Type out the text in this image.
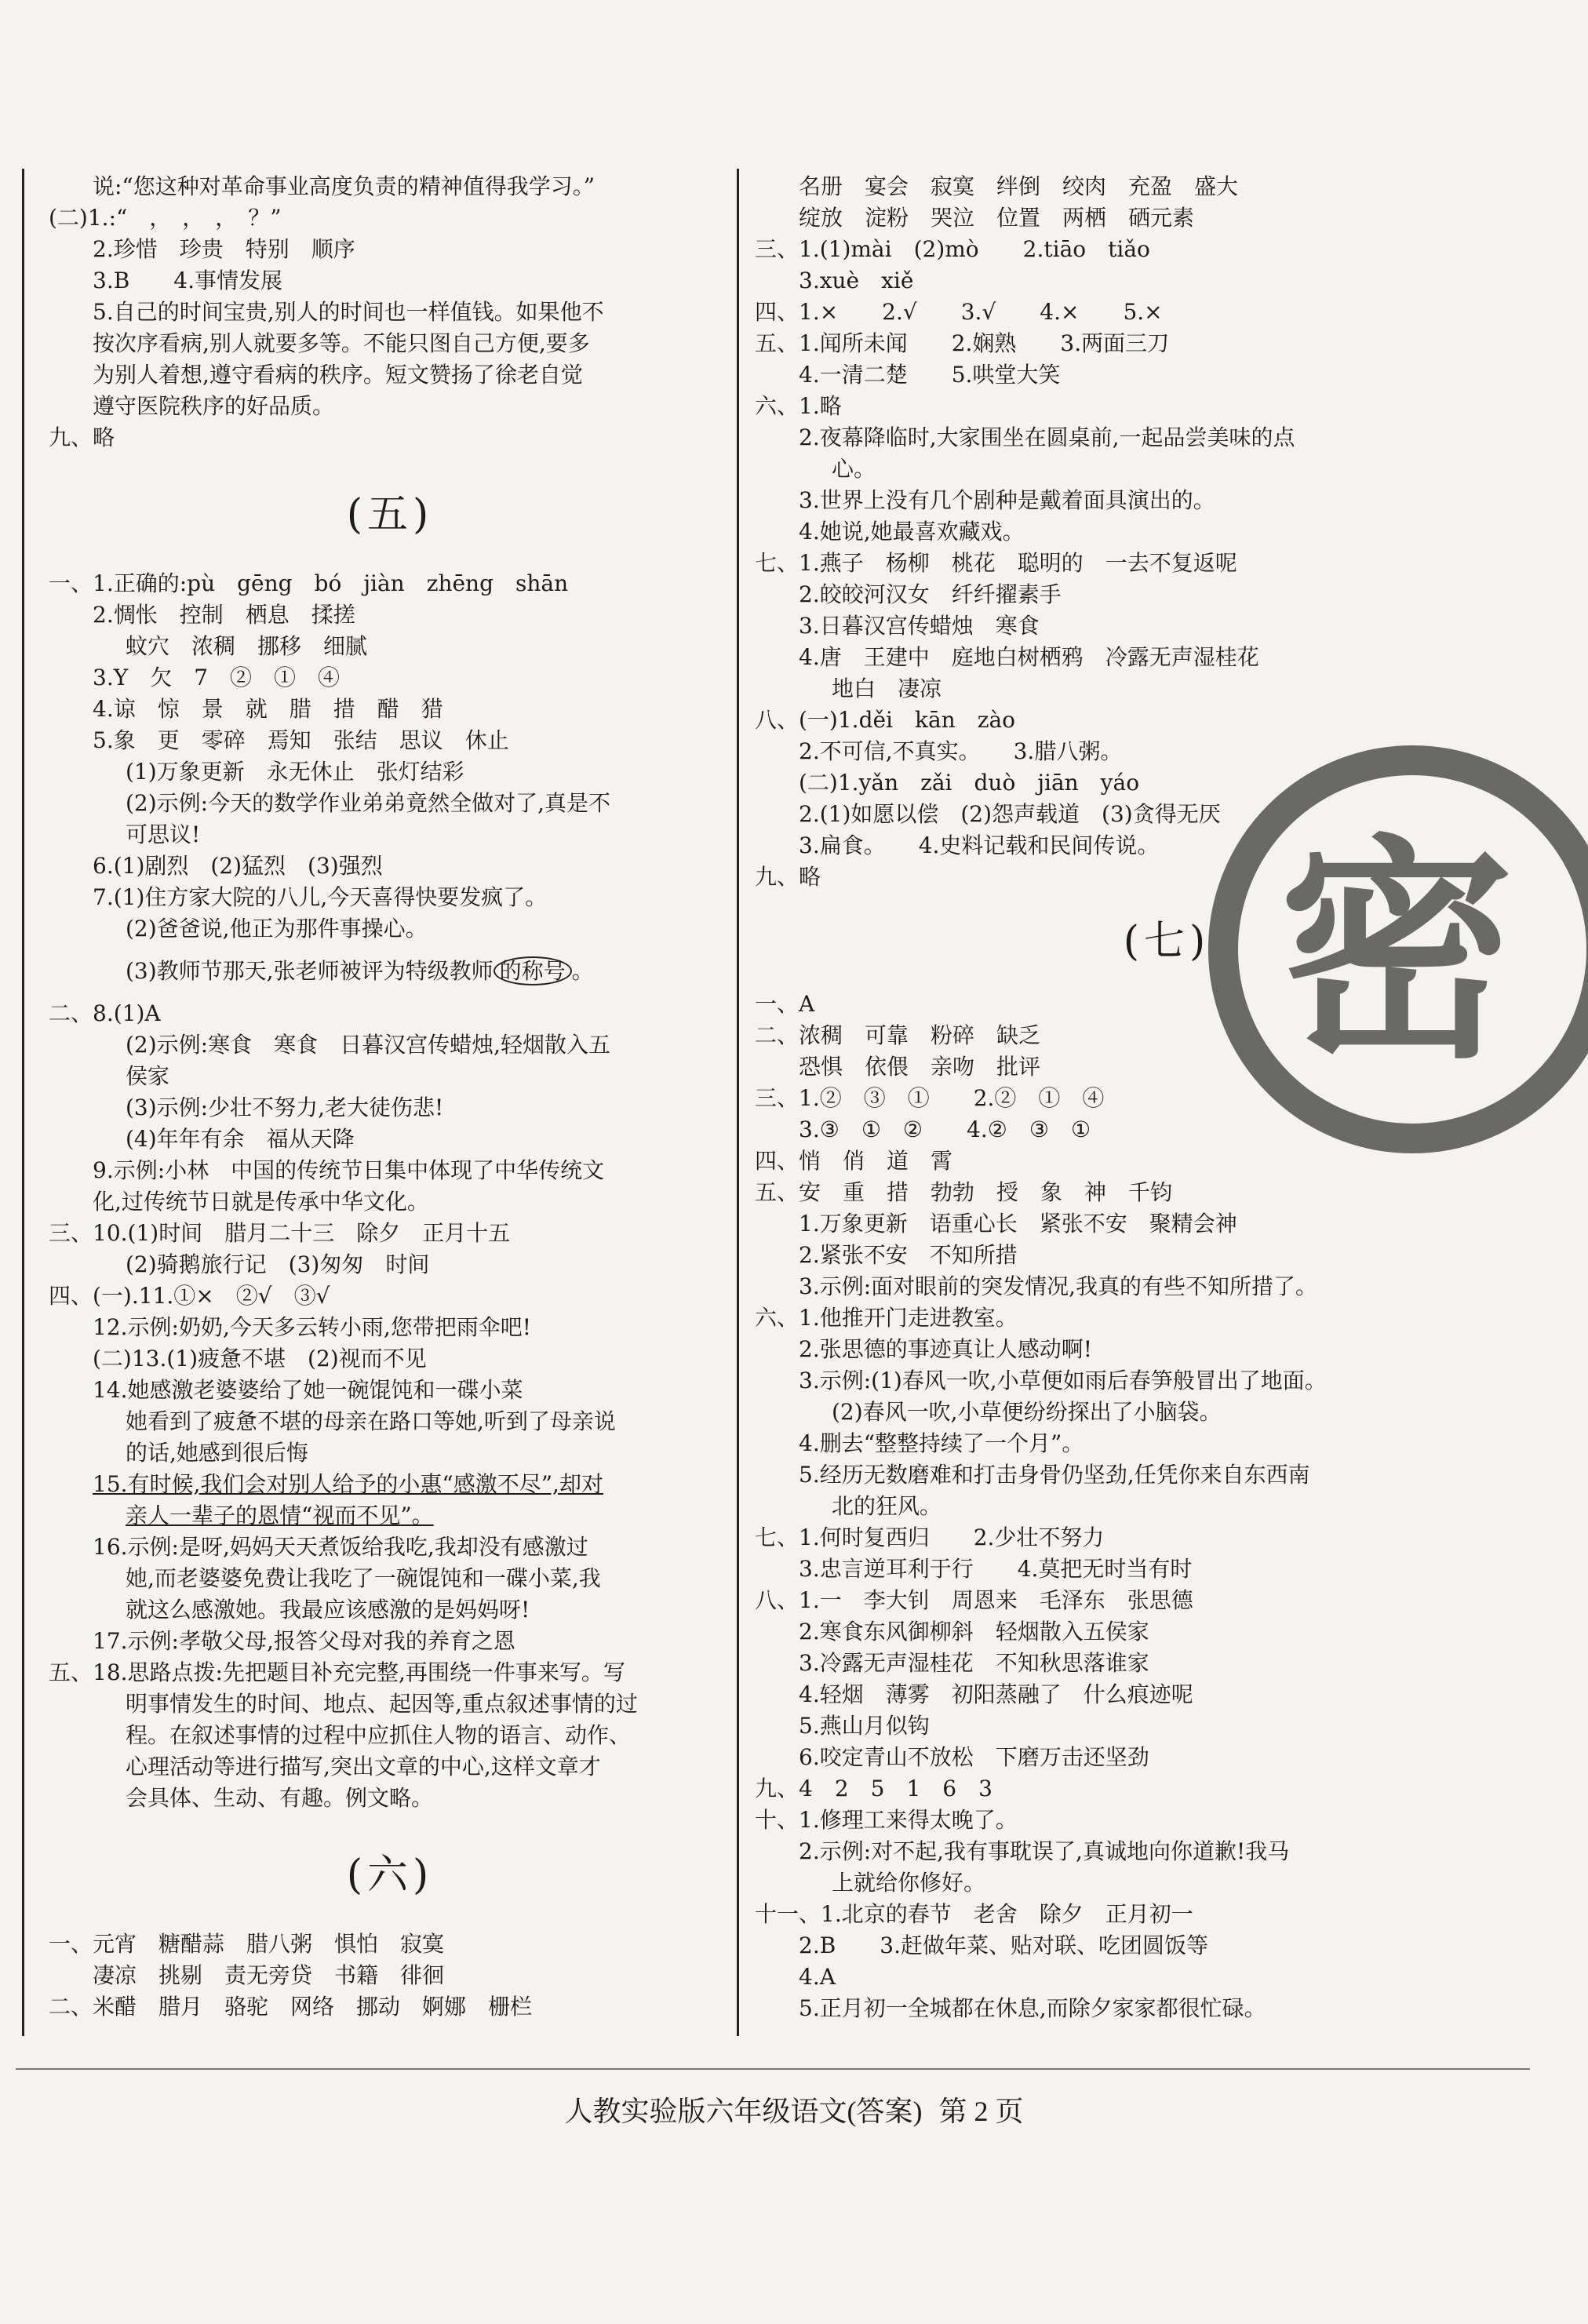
说:“您这种对革命事业高度负责的精神值得我学习。”

(二)1.:“　，　，　，　？”

2.珍惜　珍贵　特别　顺序

3.B　　4.事情发展

5.自己的时间宝贵,别人的时间也一样值钱。如果他不

按次序看病,别人就要多等。不能只图自己方便,要多

为别人着想,遵守看病的秩序。短文赞扬了徐老自觉

遵守医院秩序的好品质。

九、略

(五)

一、1.正确的:pù　gēng　bó　jiàn　zhēng　shān

2.惆怅　控制　栖息　揉搓

蚊穴　浓稠　挪移　细腻

3.Y　欠　7　②　①　④

4.谅　惊　景　就　腊　措　醋　猎

5.象　更　零碎　焉知　张结　思议　休止

(1)万象更新　永无休止　张灯结彩

(2)示例:今天的数学作业弟弟竟然全做对了,真是不

可思议!

6.(1)剧烈　(2)猛烈　(3)强烈

7.(1)住方家大院的八儿,今天喜得快要发疯了。

(2)爸爸说,他正为那件事操心。

(3)教师节那天,张老师被评为特级教师 的称号 。

二、8.(1)A

(2)示例:寒食　寒食　日暮汉宫传蜡烛,轻烟散入五

侯家

(3)示例:少壮不努力,老大徒伤悲!

(4)年年有余　福从天降

9.示例:小林　中国的传统节日集中体现了中华传统文

化,过传统节日就是传承中华文化。

三、10.(1)时间　腊月二十三　除夕　正月十五

(2)骑鹅旅行记　(3)匆匆　时间

四、(一).11.①×　②√　③√

12.示例:奶奶,今天多云转小雨,您带把雨伞吧!

(二)13.(1)疲惫不堪　(2)视而不见

14.她感激老婆婆给了她一碗馄饨和一碟小菜

她看到了疲惫不堪的母亲在路口等她,听到了母亲说

的话,她感到很后悔

15.有时候,我们会对别人给予的小惠“感激不尽”,却对

亲人一辈子的恩情“视而不见”。

16.示例:是呀,妈妈天天煮饭给我吃,我却没有感激过

她,而老婆婆免费让我吃了一碗馄饨和一碟小菜,我

就这么感激她。我最应该感激的是妈妈呀!

17.示例:孝敬父母,报答父母对我的养育之恩

五、18.思路点拨:先把题目补充完整,再围绕一件事来写。写

明事情发生的时间、地点、起因等,重点叙述事情的过

程。在叙述事情的过程中应抓住人物的语言、动作、

心理活动等进行描写,突出文章的中心,这样文章才

会具体、生动、有趣。例文略。

(六)

一、元宵　糖醋蒜　腊八粥　惧怕　寂寞

凄凉　挑剔　责无旁贷　书籍　徘徊

二、米醋　腊月　骆驼　网络　挪动　婀娜　栅栏

名册　宴会　寂寞　绊倒　绞肉　充盈　盛大

绽放　淀粉　哭泣　位置　两栖　硒元素

三、1.(1)mài　(2)mò　　2.tiāo　tiǎo

3.xuè　xiě

四、1.×　　2.√　　3.√　　4.×　　5.×

五、1.闻所未闻　　2.娴熟　　3.两面三刀

4.一清二楚　　5.哄堂大笑

六、1.略

2.夜幕降临时,大家围坐在圆桌前,一起品尝美味的点

心。

3.世界上没有几个剧种是戴着面具演出的。

4.她说,她最喜欢藏戏。

七、1.燕子　杨柳　桃花　聪明的　一去不复返呢

2.皎皎河汉女　纤纤擢素手

3.日暮汉宫传蜡烛　寒食

4.唐　王建中　庭地白树栖鸦　冷露无声湿桂花

地白　凄凉

八、(一)1.děi　kān　zào

2.不可信,不真实。　　3.腊八粥。

(二)1.yǎn　zǎi　duò　jiān　yáo

2.(1)如愿以偿　(2)怨声载道　(3)贪得无厌

3.扁食。　　4.史料记载和民间传说。

九、略

(七)

一、A

二、浓稠　可靠　粉碎　缺乏

恐惧　依偎　亲吻　批评

三、1.②　③　①　　2.②　①　④

3.③　①　②　　4.②　③　①

四、悄　俏　道　霄

五、安　重　措　勃勃　授　象　神　千钧

1.万象更新　语重心长　紧张不安　聚精会神

2.紧张不安　不知所措

3.示例:面对眼前的突发情况,我真的有些不知所措了。

六、1.他推开门走进教室。

2.张思德的事迹真让人感动啊!

3.示例:(1)春风一吹,小草便如雨后春笋般冒出了地面。

(2)春风一吹,小草便纷纷探出了小脑袋。

4.删去“整整持续了一个月”。

5.经历无数磨难和打击身骨仍坚劲,任凭你来自东西南

北的狂风。

七、1.何时复西归　　2.少壮不努力

3.忠言逆耳利于行　　4.莫把无时当有时

八、1.一　李大钊　周恩来　毛泽东　张思德

2.寒食东风御柳斜　轻烟散入五侯家

3.冷露无声湿桂花　不知秋思落谁家

4.轻烟　薄雾　初阳蒸融了　什么痕迹呢

5.燕山月似钩

6.咬定青山不放松　下磨万击还坚劲

九、4　2　5　1　6　3

十、1.修理工来得太晚了。

2.示例:对不起,我有事耽误了,真诚地向你道歉!我马

上就给你修好。

十一、1.北京的春节　老舍　除夕　正月初一

2.B　　3.赶做年菜、贴对联、吃团圆饭等

4.A

5.正月初一全城都在休息,而除夕家家都很忙碌。

密
人教实验版六年级语文(答案) 第 2 页
